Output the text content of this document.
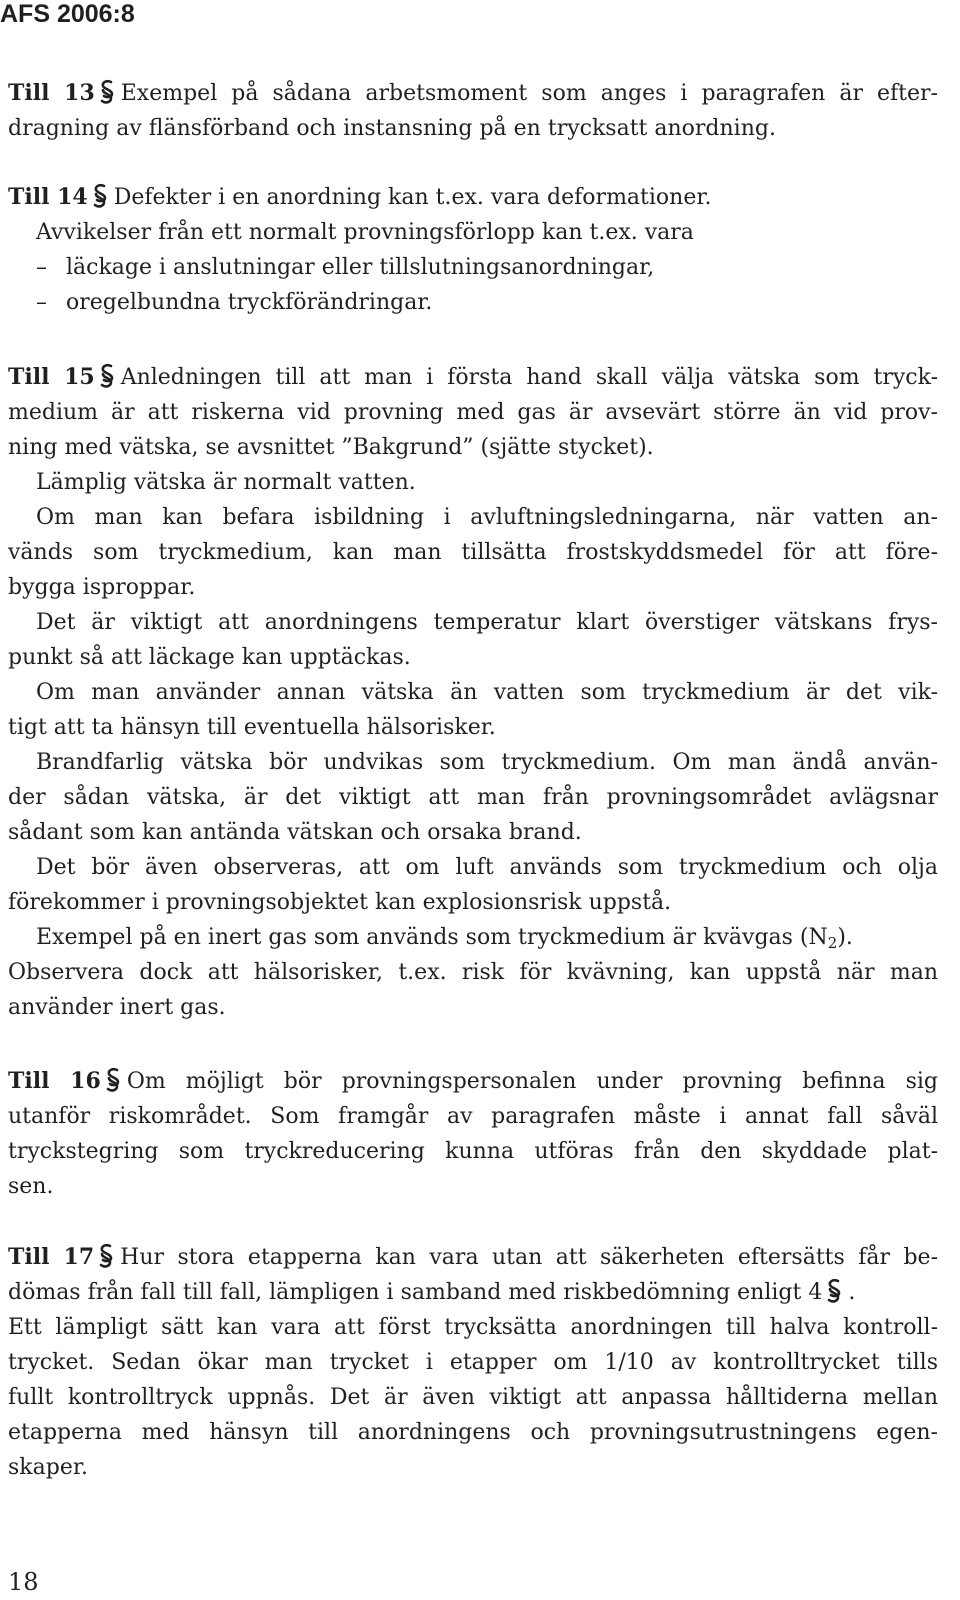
AFS 2006:8
Till 13 Exempel på sådana arbetsmoment som anges i paragrafen är efter-
dragning av flänsförband och instansning på en trycksatt anordning.
Till 14 Defekter i en anordning kan t.ex. vara deformationer.
Avvikelser från ett normalt provningsförlopp kan t.ex. vara
– läckage i anslutningar eller tillslutningsanordningar,
– oregelbundna tryckförändringar.
Till 15 Anledningen till att man i första hand skall välja vätska som tryck-
medium är att riskerna vid provning med gas är avsevärt större än vid prov-
ning med vätska, se avsnittet ”Bakgrund” (sjätte stycket).
Lämplig vätska är normalt vatten.
Om man kan befara isbildning i avluftningsledningarna, när vatten an-
vänds som tryckmedium, kan man tillsätta frostskyddsmedel för att före-
bygga isproppar.
Det är viktigt att anordningens temperatur klart överstiger vätskans frys-
punkt så att läckage kan upptäckas.
Om man använder annan vätska än vatten som tryckmedium är det vik-
tigt att ta hänsyn till eventuella hälsorisker.
Brandfarlig vätska bör undvikas som tryckmedium. Om man ändå använ-
der sådan vätska, är det viktigt att man från provningsområdet avlägsnar
sådant som kan antända vätskan och orsaka brand.
Det bör även observeras, att om luft används som tryckmedium och olja
förekommer i provningsobjektet kan explosionsrisk uppstå.
Exempel på en inert gas som används som tryckmedium är kvävgas $(N_2)$.
Observera dock att hälsorisker, t.ex. risk för kvävning, kan uppstå när man
använder inert gas.
Till 16 Om möjligt bör provningspersonalen under provning befinna sig
utanför riskområdet. Som framgår av paragrafen måste i annat fall såväl
tryckstegring som tryckreducering kunna utföras från den skyddade plat-
sen.
Till 17 Hur stora etapperna kan vara utan att säkerheten eftersätts får be-
dömas från fall till fall, lämpligen i samband med riskbedömning enligt 4 .
Ett lämpligt sätt kan vara att först trycksätta anordningen till halva kontroll-
trycket. Sedan ökar man trycket i etapper om 1/10 av kontrolltrycket tills
fullt kontrolltryck uppnås. Det är även viktigt att anpassa hålltiderna mellan
etapperna med hänsyn till anordningens och provningsutrustningens egen-
skaper.
18
